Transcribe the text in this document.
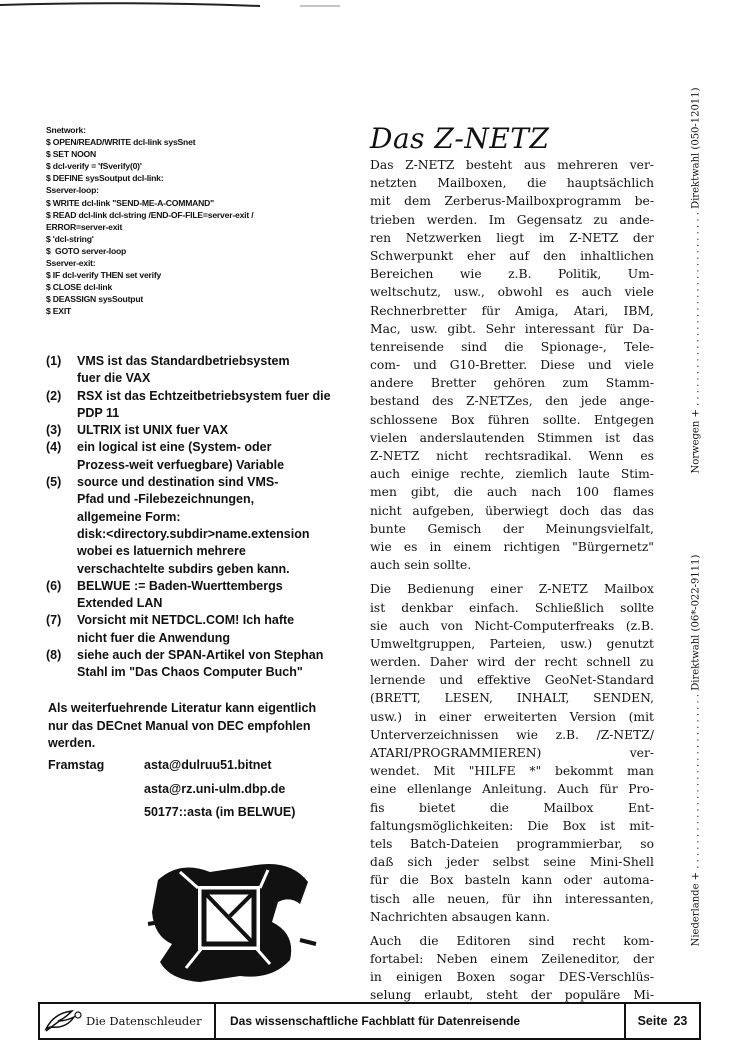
Snetwork:
$ OPEN/READ/WRITE dcl-link sysSnet
$ SET NOON
$ dcl-verify = 'fSverify(0)'
$ DEFINE sysSoutput dcl-link:
Sserver-loop:
$ WRITE dcl-link "SEND-ME-A-COMMAND"
$ READ dcl-link dcl-string /END-OF-FILE=server-exit /
ERROR=server-exit
$ 'dcl-string'
$  GOTO server-loop
Sserver-exit:
$ IF dcl-verify THEN set verify
$ CLOSE dcl-link
$ DEASSIGN sysSoutput
$ EXIT
(1)	VMS ist das Standardbetriebsystem
fuer die VAX
(2)	RSX ist das Echtzeitbetriebsystem fuer die
PDP 11
(3)	ULTRIX ist UNIX fuer VAX
(4)	ein logical ist eine (System- oder
Prozess-weit verfuegbare) Variable
(5)	source und destination sind VMS-
Pfad und -Filebezeichnungen,
allgemeine Form:
disk:<directory.subdir>name.extension
wobei es latuernich mehrere
verschachtelte subdirs geben kann.
(6)	BELWUE := Baden-Wuerttembergs
Extended LAN
(7)	Vorsicht mit NETDCL.COM! Ich hafte
nicht fuer die Anwendung
(8)	siehe auch der SPAN-Artikel von Stephan
Stahl im "Das Chaos Computer Buch"
Als weiterfuehrende Literatur kann eigentlich
nur das DECnet Manual von DEC empfohlen
werden.
Framstag	asta@dulruu51.bitnet
asta@rz.uni-ulm.dbp.de
50177::asta (im BELWUE)
Das Z-NETZ
Das Z-NETZ besteht aus mehreren ver-
netzten Mailboxen, die hauptsächlich
mit dem Zerberus-Mailboxprogramm be-
trieben werden. Im Gegensatz zu ande-
ren Netzwerken liegt im Z-NETZ der
Schwerpunkt eher auf den inhaltlichen
Bereichen wie z.B. Politik, Um-
weltschutz, usw., obwohl es auch viele
Rechnerbretter für Amiga, Atari, IBM,
Mac, usw. gibt. Sehr interessant für Da-
tenreisende sind die Spionage-, Tele-
com- und G10-Bretter. Diese und viele
andere Bretter gehören zum Stamm-
bestand des Z-NETZes, den jede ange-
schlossene Box führen sollte. Entgegen
vielen anderslautenden Stimmen ist das
Z-NETZ nicht rechtsradikal. Wenn es
auch einige rechte, ziemlich laute Stim-
men gibt, die auch nach 100 flames
nicht aufgeben, überwiegt doch das das
bunte Gemisch der Meinungsvielfalt,
wie es in einem richtigen "Bürgernetz"
auch sein sollte.
Die Bedienung einer Z-NETZ Mailbox
ist denkbar einfach. Schließlich sollte
sie auch von Nicht-Computerfreaks (z.B.
Umweltgruppen, Parteien, usw.) genutzt
werden. Daher wird der recht schnell zu
lernende und effektive GeoNet-Standard
(BRETT, LESEN, INHALT, SENDEN,
usw.) in einer erweiterten Version (mit
Unterverzeichnissen wie z.B. /Z-NETZ/
ATARI/PROGRAMMIEREN)	ver-
wendet. Mit "HILFE *" bekommt man
eine ellenlange Anleitung. Auch für Pro-
fis	bietet	die	Mailbox	Ent-
faltungsmöglichkeiten: Die Box ist mit-
tels Batch-Dateien programmierbar, so
daß sich jeder selbst seine Mini-Shell
für die Box basteln kann oder automa-
tisch alle neuen, für ihn interessanten,
Nachrichten absaugen kann.
Auch die Editoren sind recht kom-
fortabel: Neben einem Zeileneditor, der
in einigen Boxen sogar DES-Verschlüs-
selung erlaubt, steht der populäre Mi-
Norwegen + . . . . . . . . . . . . . . . . . . . . . . . . . . . . . . . Direktwahl (050-12011)
Niederlande + . . . . . . . . . . . . . . . . . . . . . . . . . . . . Direktwahl (06*-022-9111)
Die Datenschleuder	Das wissenschaftliche Fachblatt für Datenreisende	Seite 23
